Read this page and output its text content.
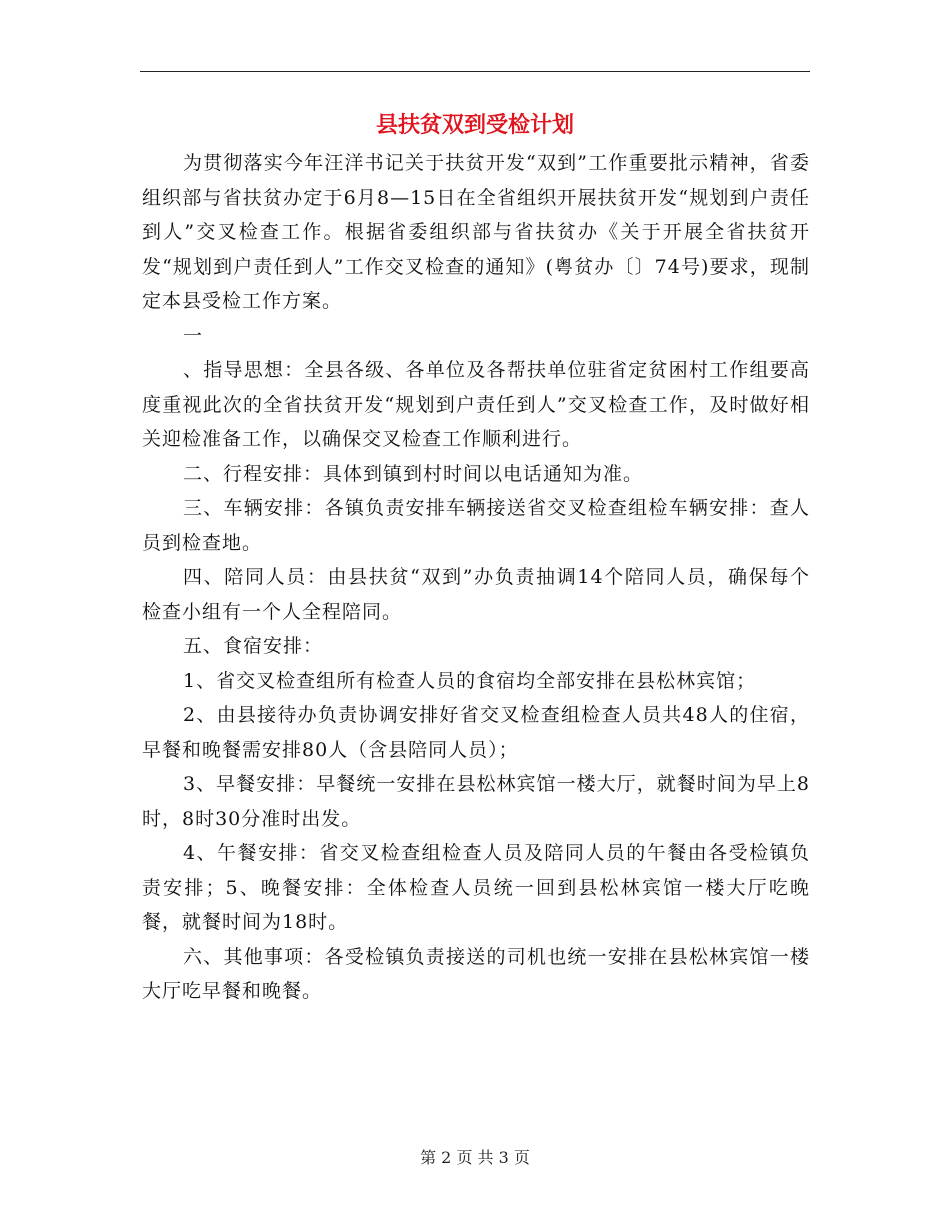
县扶贫双到受检计划

为贯彻落实今年汪洋书记关于扶贫开发“双到”工作重要批示精神，省委组织部与省扶贫办定于6月8—15日在全省组织开展扶贫开发“规划到户责任到人”交叉检查工作。根据省委组织部与省扶贫办《关于开展全省扶贫开发“规划到户责任到人”工作交叉检查的通知》(粤贫办〔〕74号)要求，现制定本县受检工作方案。

一

、指导思想：全县各级、各单位及各帮扶单位驻省定贫困村工作组要高度重视此次的全省扶贫开发“规划到户责任到人”交叉检查工作，及时做好相关迎检准备工作，以确保交叉检查工作顺利进行。

二、行程安排：具体到镇到村时间以电话通知为准。

三、车辆安排：各镇负责安排车辆接送省交叉检查组检车辆安排：查人员到检查地。

四、陪同人员：由县扶贫“双到”办负责抽调14个陪同人员，确保每个检查小组有一个人全程陪同。

五、食宿安排：

1、省交叉检查组所有检查人员的食宿均全部安排在县松林宾馆；

2、由县接待办负责协调安排好省交叉检查组检查人员共48人的住宿，早餐和晚餐需安排80人（含县陪同人员）；

3、早餐安排：早餐统一安排在县松林宾馆一楼大厅，就餐时间为早上8时，8时30分准时出发。

4、午餐安排：省交叉检查组检查人员及陪同人员的午餐由各受检镇负责安排；5、晚餐安排：全体检查人员统一回到县松林宾馆一楼大厅吃晚餐，就餐时间为18时。

六、其他事项：各受检镇负责接送的司机也统一安排在县松林宾馆一楼大厅吃早餐和晚餐。

第 2 页 共 3 页
